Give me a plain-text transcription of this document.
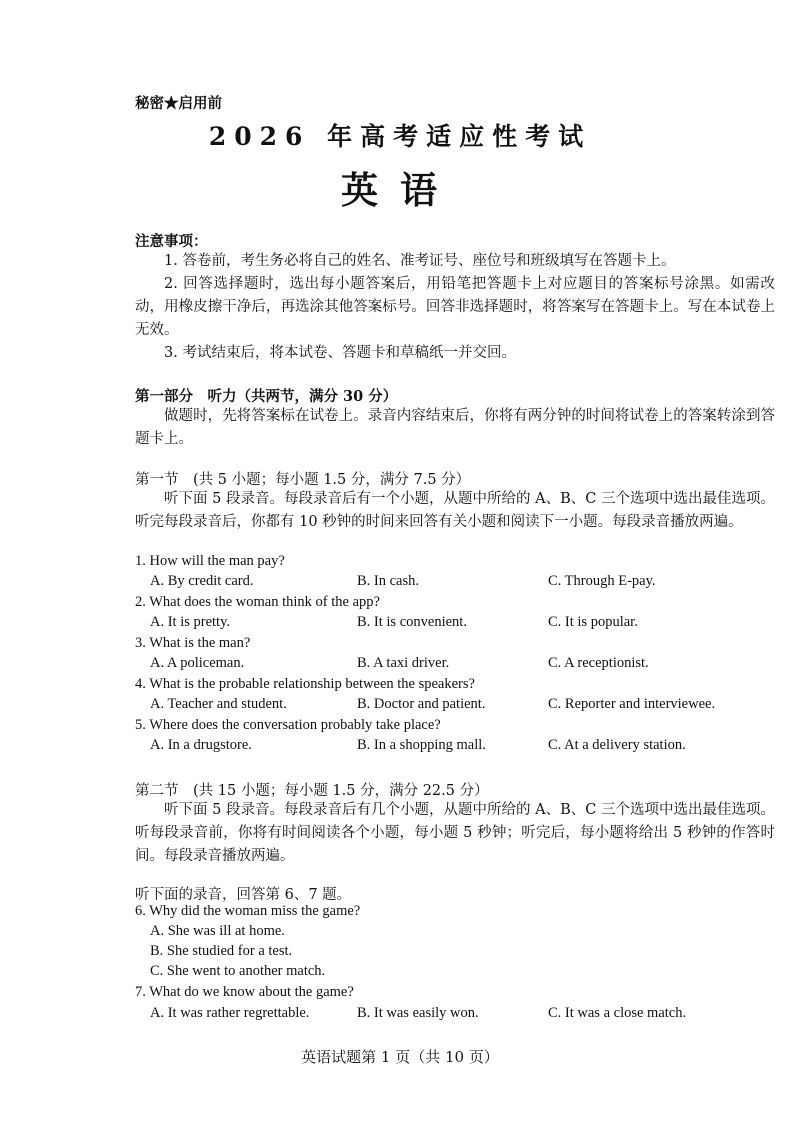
秘密★启用前
2026 年高考适应性考试
英语
注意事项：
1. 答卷前，考生务必将自己的姓名、准考证号、座位号和班级填写在答题卡上。
2. 回答选择题时，选出每小题答案后，用铅笔把答题卡上对应题目的答案标号涂黑。如需改动，用橡皮擦干净后，再选涂其他答案标号。回答非选择题时，将答案写在答题卡上。写在本试卷上无效。
3. 考试结束后，将本试卷、答题卡和草稿纸一并交回。
第一部分　听力（共两节，满分 30 分）
做题时，先将答案标在试卷上。录音内容结束后，你将有两分钟的时间将试卷上的答案转涂到答题卡上。
第一节　(共 5 小题；每小题 1.5 分，满分 7.5 分）
听下面 5 段录音。每段录音后有一个小题，从题中所给的 A、B、C 三个选项中选出最佳选项。听完每段录音后，你都有 10 秒钟的时间来回答有关小题和阅读下一小题。每段录音播放两遍。
1. How will the man pay?
A. By credit card.	B. In cash.	C. Through E-pay.
2. What does the woman think of the app?
A. It is pretty.	B. It is convenient.	C. It is popular.
3. What is the man?
A. A policeman.	B. A taxi driver.	C. A receptionist.
4. What is the probable relationship between the speakers?
A. Teacher and student.	B. Doctor and patient.	C. Reporter and interviewee.
5. Where does the conversation probably take place?
A. In a drugstore.	B. In a shopping mall.	C. At a delivery station.
第二节　(共 15 小题；每小题 1.5 分，满分 22.5 分）
听下面 5 段录音。每段录音后有几个小题，从题中所给的 A、B、C 三个选项中选出最佳选项。听每段录音前，你将有时间阅读各个小题，每小题 5 秒钟；听完后，每小题将给出 5 秒钟的作答时间。每段录音播放两遍。
听下面的录音，回答第 6、7 题。
6. Why did the woman miss the game?
A. She was ill at home.
B. She studied for a test.
C. She went to another match.
7. What do we know about the game?
A. It was rather regrettable.	B. It was easily won.	C. It was a close match.
英语试题第 1 页（共 10 页）
